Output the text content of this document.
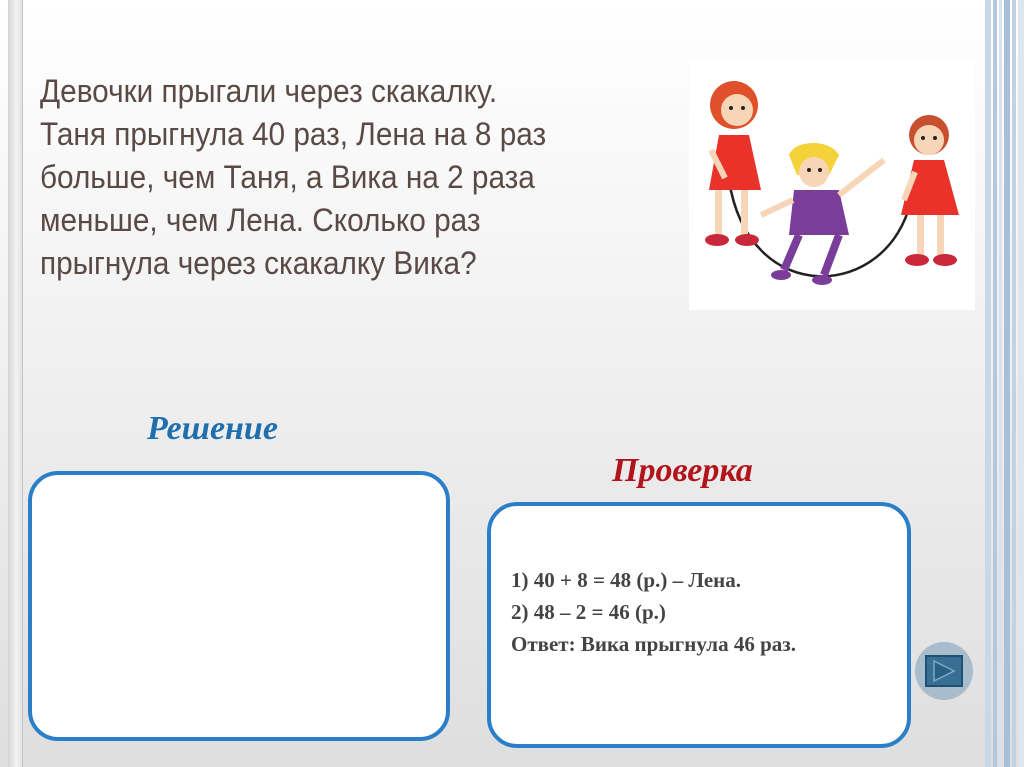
Девочки прыгали через скакалку.
Таня прыгнула 40 раз, Лена на 8 раз
больше, чем Таня, а Вика на 2 раза
меньше, чем Лена. Сколько раз
прыгнула через скакалку Вика?
Решение
Проверка
1) 40 + 8 = 48 (р.) – Лена.
2) 48 – 2 = 46 (р.)
Ответ: Вика прыгнула 46 раз.
